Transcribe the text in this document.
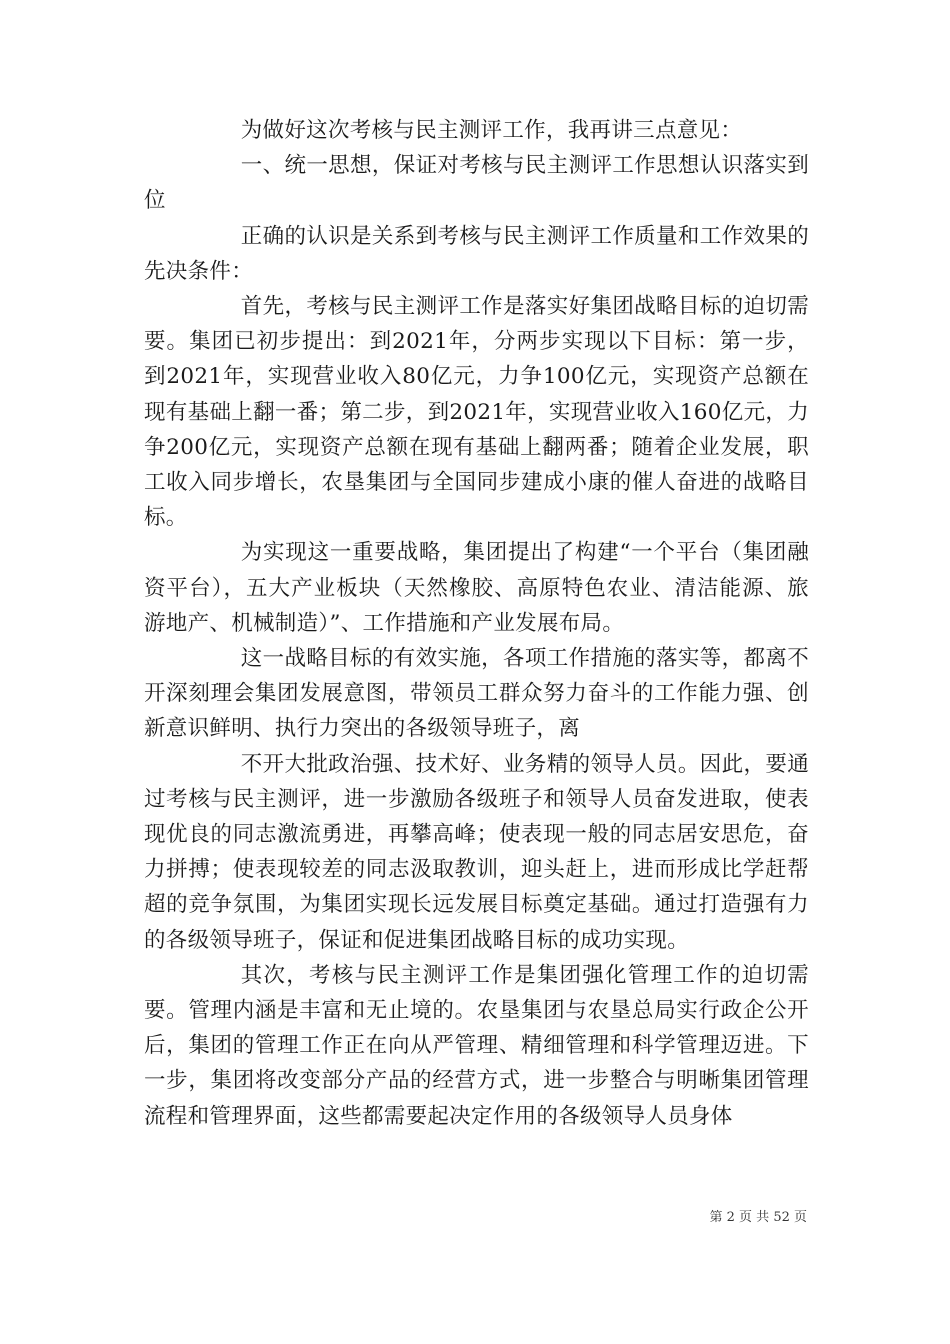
为做好这次考核与民主测评工作，我再讲三点意见：

一、统一思想，保证对考核与民主测评工作思想认识落实到位

正确的认识是关系到考核与民主测评工作质量和工作效果的先决条件：

首先，考核与民主测评工作是落实好集团战略目标的迫切需要。集团已初步提出：到2021年，分两步实现以下目标：第一步，到2021年，实现营业收入80亿元，力争100亿元，实现资产总额在现有基础上翻一番；第二步，到2021年，实现营业收入160亿元，力争200亿元，实现资产总额在现有基础上翻两番；随着企业发展，职工收入同步增长，农垦集团与全国同步建成小康的催人奋进的战略目标。

为实现这一重要战略，集团提出了构建“一个平台（集团融资平台），五大产业板块（天然橡胶、高原特色农业、清洁能源、旅游地产、机械制造）”、工作措施和产业发展布局。

这一战略目标的有效实施，各项工作措施的落实等，都离不开深刻理会集团发展意图，带领员工群众努力奋斗的工作能力强、创新意识鲜明、执行力突出的各级领导班子，离

不开大批政治强、技术好、业务精的领导人员。因此，要通过考核与民主测评，进一步激励各级班子和领导人员奋发进取，使表现优良的同志激流勇进，再攀高峰；使表现一般的同志居安思危，奋力拼搏；使表现较差的同志汲取教训，迎头赶上，进而形成比学赶帮超的竞争氛围，为集团实现长远发展目标奠定基础。通过打造强有力的各级领导班子，保证和促进集团战略目标的成功实现。

其次，考核与民主测评工作是集团强化管理工作的迫切需要。管理内涵是丰富和无止境的。农垦集团与农垦总局实行政企公开后，集团的管理工作正在向从严管理、精细管理和科学管理迈进。下一步，集团将改变部分产品的经营方式，进一步整合与明晰集团管理流程和管理界面，这些都需要起决定作用的各级领导人员身体

第 2 页 共 52 页
